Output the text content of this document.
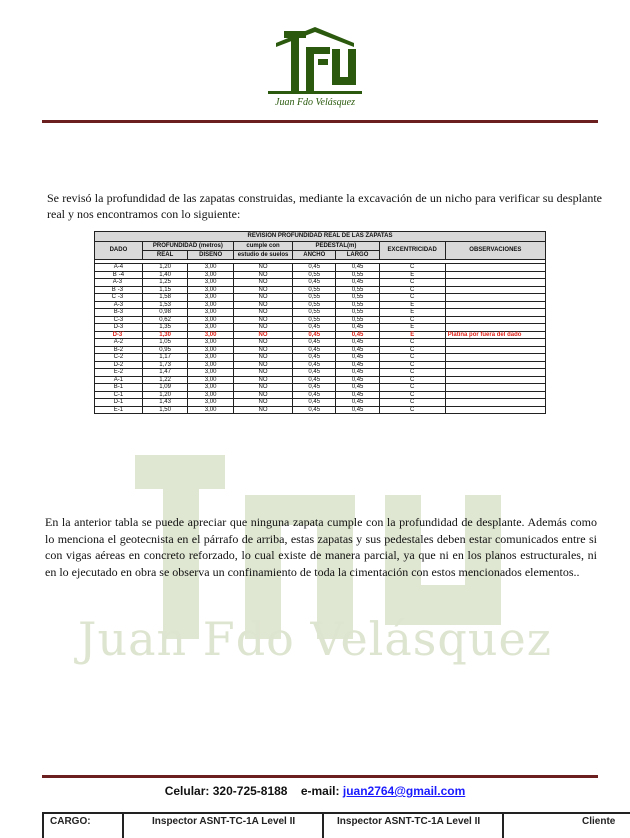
Juan Fdo Velásquez
Juan Fdo Velásquez

Se revisó la profundidad de las zapatas construidas, mediante la excavación de un nicho para verificar su desplante real y nos encontramos con lo siguiente:

REVISION PROFUNDIDAD REAL DE LAS ZAPATAS							
DADO	PROFUNDIDAD (metros)		cumple con	PEDESTAL(m)		EXCENTRICIDAD	OBSERVACIONES
	REAL	DISEÑO	estudio de suelos	ANCHO	LARGO		

A-4	1,20	3,00	NO	0,45	0,45	C	
B´-4	1,40	3,00	NO	0,55	0,55	E	
A-3´	1,25	3,00	NO	0,45	0,45	C	
B´-3´	1,15	3,00	NO	0,55	0,55	C	
C´-3´	1,58	3,00	NO	0,55	0,55	C	
A-3	1,53	3,00	NO	0,55	0,55	E	
B-3	0,98	3,00	NO	0,55	0,55	E	
C-3	0,62	3,00	NO	0,55	0,55	C	
D-3	1,35	3,00	NO	0,45	0,45	E	
D-3´	1,30	3,00	NO	0,45	0,45	E	Platina por fuera del dado
A-2	1,05	3,00	NO	0,45	0,45	C	
B-2	0,95	3,00	NO	0,45	0,45	C	
C-2	1,17	3,00	NO	0,45	0,45	C	
D-2	1,73	3,00	NO	0,45	0,45	C	
E-2	1,47	3,00	NO	0,45	0,45	C	
A-1	1,22	3,00	NO	0,45	0,45	C	
B-1	1,09	3,00	NO	0,45	0,45	C	
C-1	1,20	3,00	NO	0,45	0,45	C	
D-1	1,43	3,00	NO	0,45	0,45	C	
E-1	1,50	3,00	NO	0,45	0,45	C	

En la anterior tabla se puede apreciar que ninguna zapata cumple con la profundidad de desplante. Además como lo menciona el geotecnista en el párrafo de arriba, estas zapatas y sus pedestales deben estar comunicados entre si con vigas aéreas en concreto reforzado, lo cual existe de manera parcial, ya que ni en los planos estructurales, ni en lo ejecutado en obra se observa un confinamiento de toda la cimentación con estos mencionados elementos..

Celular: 320-725-8188 e-mail: juan2764@gmail.com
CARGO:	Inspector ASNT-TC-1A Level II	Inspector ASNT-TC-1A Level II	Cliente
